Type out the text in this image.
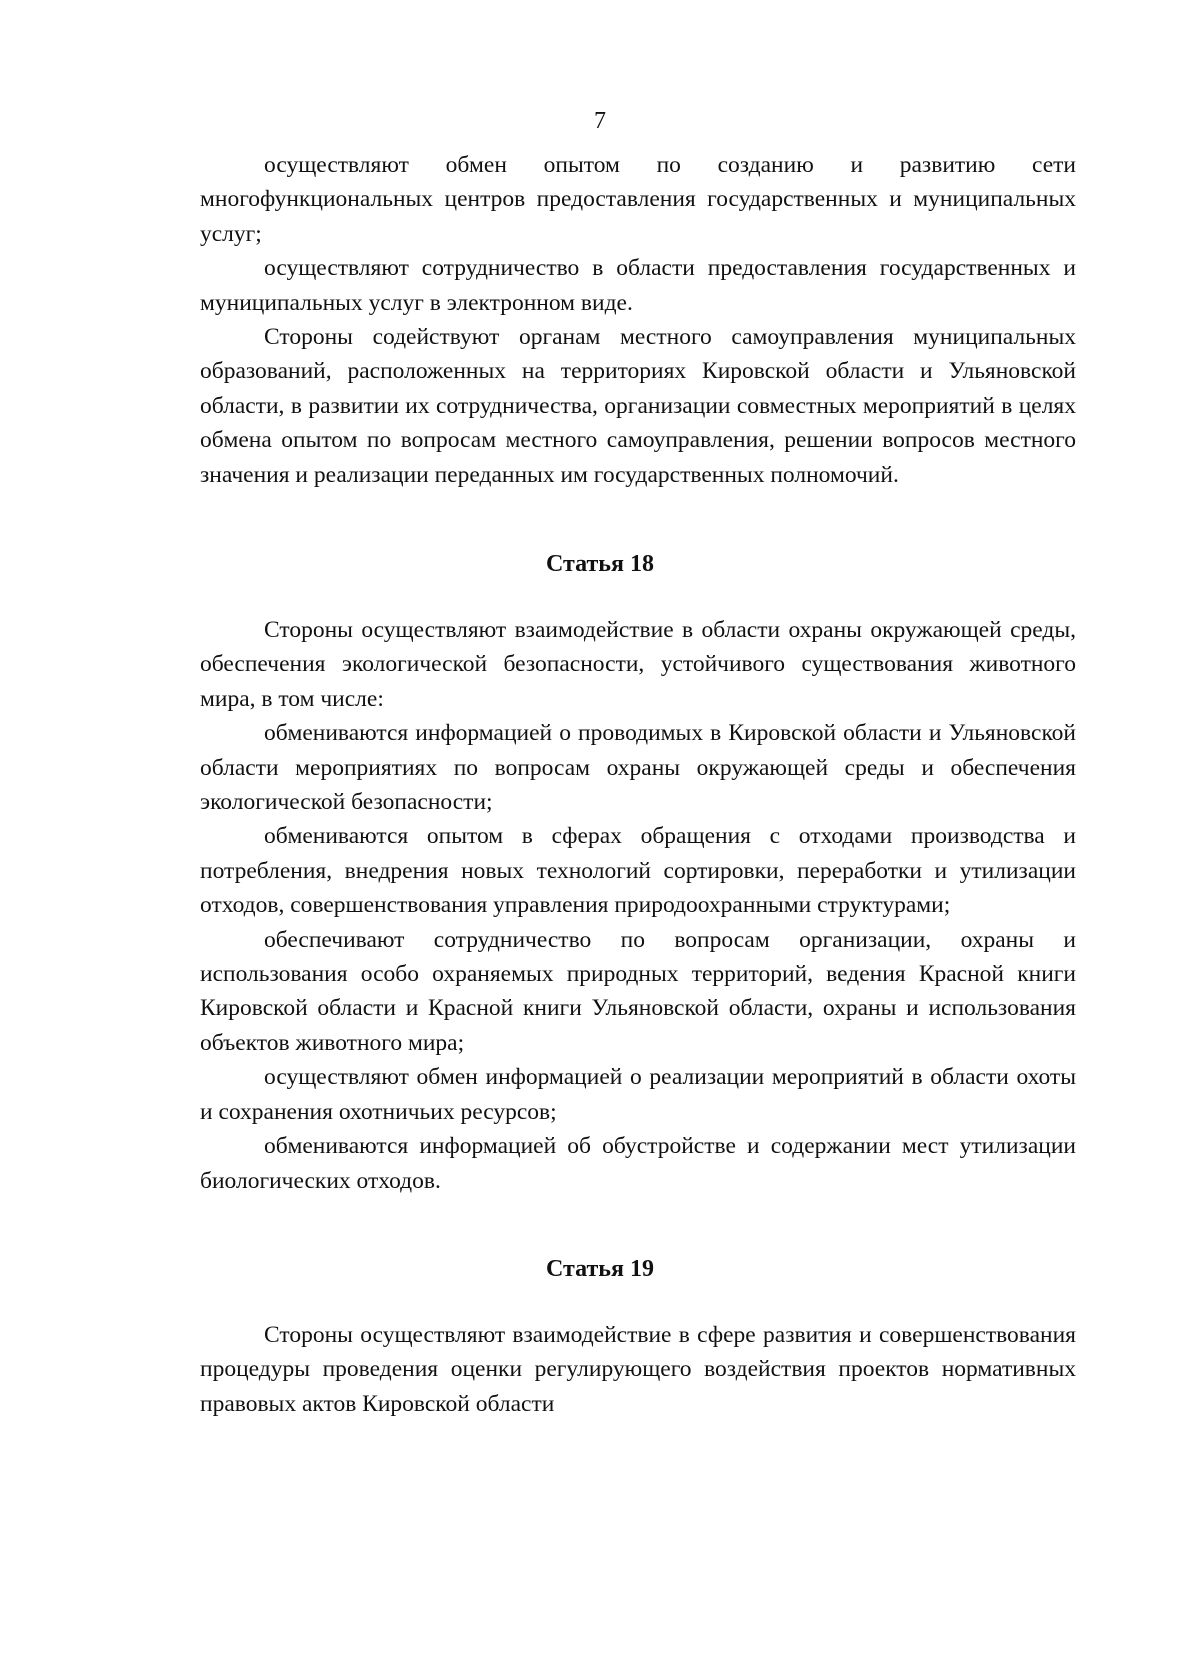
7

осуществляют обмен опытом по созданию и развитию сети многофункциональных центров предоставления государственных и муниципальных услуг;

осуществляют сотрудничество в области предоставления государственных и муниципальных услуг в электронном виде.

Стороны содействуют органам местного самоуправления муниципальных образований, расположенных на территориях Кировской области и Ульяновской области, в развитии их сотрудничества, организации совместных мероприятий в целях обмена опытом по вопросам местного самоуправления, решении вопросов местного значения и реализации переданных им государственных полномочий.

Статья 18

Стороны осуществляют взаимодействие в области охраны окружающей среды, обеспечения экологической безопасности, устойчивого существования животного мира, в том числе:

обмениваются информацией о проводимых в Кировской области и Ульяновской области мероприятиях по вопросам охраны окружающей среды и обеспечения экологической безопасности;

обмениваются опытом в сферах обращения с отходами производства и потребления, внедрения новых технологий сортировки, переработки и утилизации отходов, совершенствования управления природоохранными структурами;

обеспечивают сотрудничество по вопросам организации, охраны и использования особо охраняемых природных территорий, ведения Красной книги Кировской области и Красной книги Ульяновской области, охраны и использования объектов животного мира;

осуществляют обмен информацией о реализации мероприятий в области охоты и сохранения охотничьих ресурсов;

обмениваются информацией об обустройстве и содержании мест утилизации биологических отходов.

Статья 19

Стороны осуществляют взаимодействие в сфере развития и совершенствования процедуры проведения оценки регулирующего воздействия проектов нормативных правовых актов Кировской области
